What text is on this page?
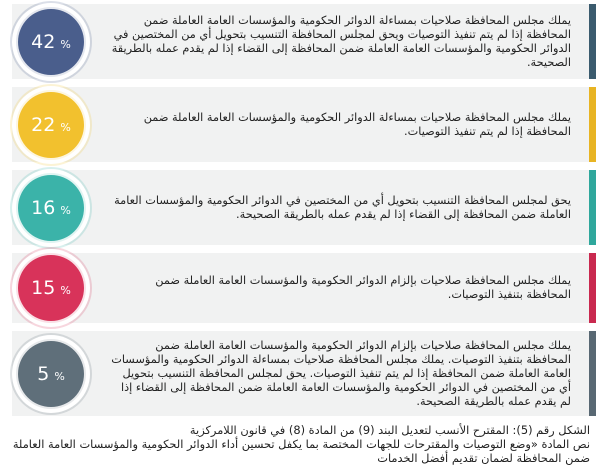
42 %
يملك مجلس المحافظة صلاحيات بمساءلة الدوائر الحكومية والمؤسسات العامة العاملة ضمن المحافظة إذا لم يتم تنفيذ التوصيات ويحق لمجلس المحافظة التنسيب بتحويل أي من المختصين في الدوائر الحكومية والمؤسسات العامة العاملة ضمن المحافظة إلى القضاء إذا لم يقدم عمله بالطريقة الصحيحة.
22 %
يملك مجلس المحافظة صلاحيات بمساءلة الدوائر الحكومية والمؤسسات العامة العاملة ضمن المحافظة إذا لم يتم تنفيذ التوصيات.
16 %
يحق لمجلس المحافظة التنسيب بتحويل أي من المختصين في الدوائر الحكومية والمؤسسات العامة العاملة ضمن المحافظة إلى القضاء إذا لم يقدم عمله بالطريقة الصحيحة.
15 %
يملك مجلس المحافظة صلاحيات بإلزام الدوائر الحكومية والمؤسسات العامة العاملة ضمن المحافظة بتنفيذ التوصيات.
5 %
يملك مجلس المحافظة صلاحيات بإلزام الدوائر الحكومية والمؤسسات العامة العاملة ضمن المحافظة بتنفيذ التوصيات. يملك مجلس المحافظة صلاحيات بمساءلة الدوائر الحكومية والمؤسسات العامة العاملة ضمن المحافظة إذا لم يتم تنفيذ التوصيات. يحق لمجلس المحافظة التنسيب بتحويل أي من المختصين في الدوائر الحكومية والمؤسسات العامة العاملة ضمن المحافظة إلى القضاء إذا لم يقدم عمله بالطريقة الصحيحة.
الشكل رقم (5): المقترح الأنسب لتعديل البند (9) من المادة (8) في قانون اللامركزية
نص المادة «وضع التوصيات والمقترحات للجهات المختصة بما يكفل تحسين أداء الدوائر الحكومية والمؤسسات العامة العاملة ضمن المحافظة لضمان تقديم أفضل الخدمات
